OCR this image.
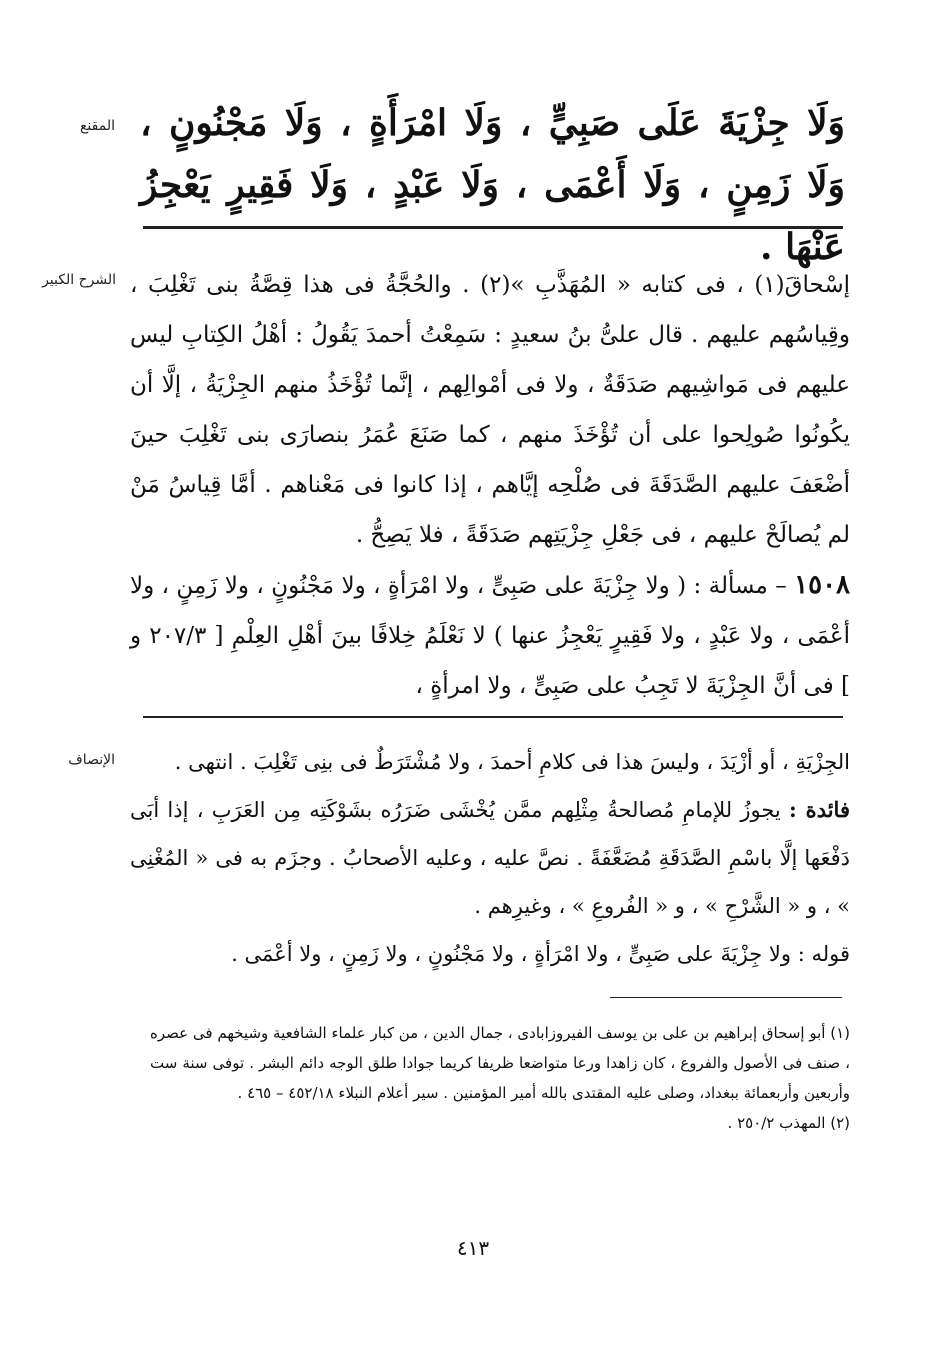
المقنع وَلَا جِزْيَةَ عَلَى صَبِيٍّ ، وَلَا امْرَأَةٍ ، وَلَا مَجْنُونٍ ، وَلَا زَمِنٍ ، وَلَا أَعْمَى ، وَلَا عَبْدٍ ، وَلَا فَقِيرٍ يَعْجِزُ عَنْهَا .
الشرح الكبير إسْحاقَ(١) ، فى كتابه « المُهَذَّبِ »(٢) . والحُجَّةُ فى هذا قِصَّةُ بنى تَغْلِبَ ، وقِياسُهم عليهم . قال علىُّ بنُ سعيدٍ : سَمِعْتُ أحمدَ يَقُولُ : أهْلُ الكِتابِ ليس عليهم فى مَواشِيهم صَدَقَةٌ ، ولا فى أمْوالِهم ، إنَّما تُؤْخَذُ منهم الجِزْيَةُ ، إلَّا أن يكُونُوا صُولِحوا على أن تُؤْخَذَ منهم ، كما صَنَعَ عُمَرُ بنصارَى بنى تَغْلِبَ حينَ أضْعَفَ عليهم الصَّدَقَةَ فى صُلْحِه إيَّاهم ، إذا كانوا فى مَعْناهم . أمَّا قِياسُ مَنْ لم يُصالَحْ عليهم ، فى جَعْلِ جِزْيَتِهم صَدَقَةً ، فلا يَصِحُّ .

١٥٠٨ – مسألة : ( ولا جِزْيَةَ على صَبِىٍّ ، ولا امْرَأةٍ ، ولا مَجْنُونٍ ، ولا زَمِنٍ ، ولا أعْمَى ، ولا عَبْدٍ ، ولا فَقِيرٍ يَعْجِزُ عنها ) لا نَعْلَمُ خِلافًا بينَ أهْلِ العِلْمِ [ ٢٠٧/٣ و ] فى أنَّ الجِزْيَةَ لا تَجِبُ على صَبِىٍّ ، ولا امرأةٍ ،

الإنصاف	الجِزْيَةِ ، أو أزْيَدَ ، وليسَ هذا فى كلامِ أحمدَ ، ولا مُشْتَرَطٌ فى بنِى تَغْلِبَ . انتهى .

فائدة : يجوزُ للإمامِ مُصالحةُ مِثْلِهم ممَّن يُخْشَى ضَرَرُه بشَوْكَتِه مِن العَرَبِ ، إذا أبَى دَفْعَها إلَّا باسْمِ الصَّدَقَةِ مُضَعَّفَةً . نصَّ عليه ، وعليه الأصحابُ . وجزَم به فى « المُغْنِى » ، و « الشَّرْحِ » ، و « الفُروعِ » ، وغيرِهم .

قوله : ولا جِزْيَةَ على صَبِىٍّ ، ولا امْرَأةٍ ، ولا مَجْنُونٍ ، ولا زَمِنٍ ، ولا أعْمَى .

(١) أبو إسحاق إبراهيم بن على بن يوسف الفيروزابادى ، جمال الدين ، من كبار علماء الشافعية وشيخهم فى عصره ، صنف فى الأصول والفروع ، كان زاهدا ورعا متواضعا ظريفا كريما جوادا طلق الوجه دائم البشر . توفى سنة ست وأربعين وأربعمائة ببغداد، وصلى عليه المقتدى بالله أمير المؤمنين . سير أعلام النبلاء ٤٥٢/١٨ – ٤٦٥ .

(٢) المهذب ٢٥٠/٢ .

٤١٣
